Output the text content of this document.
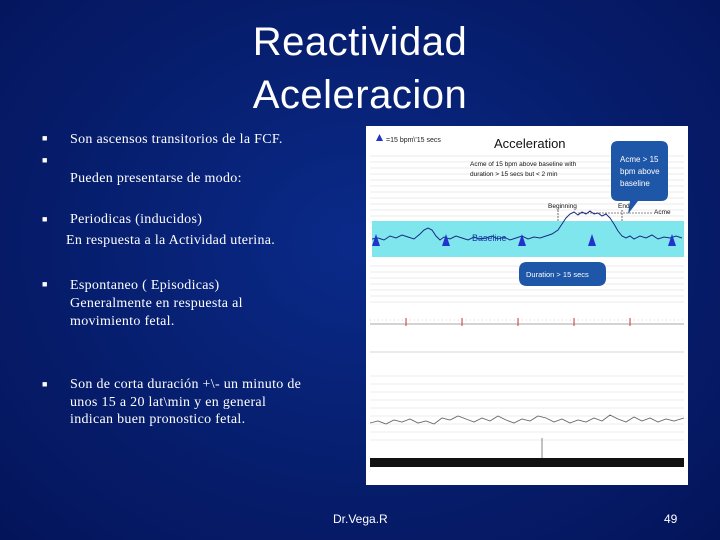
Reactividad
Aceleracion
■ Son ascensos transitorios de la FCF.
■
Pueden presentarse de modo:
■ Periodicas (inducidos)
En respuesta a la Actividad uterina.
■ Espontaneo ( Episodicas)
Generalmente en respuesta al
movimiento fetal.
■ Son de corta duración +\- un minuto de
unos 15 a 20 lat\min y en general
indican buen pronostico fetal.
=15 bpm\'15 secs	Acceleration
Acme of 15 bpm above baseline with
duration > 15 secs but < 2 min
Acme > 15
bpm above
baseline
Beginning	End
Acme
Baseline
Duration > 15 secs
Dr.Vega.R	49
